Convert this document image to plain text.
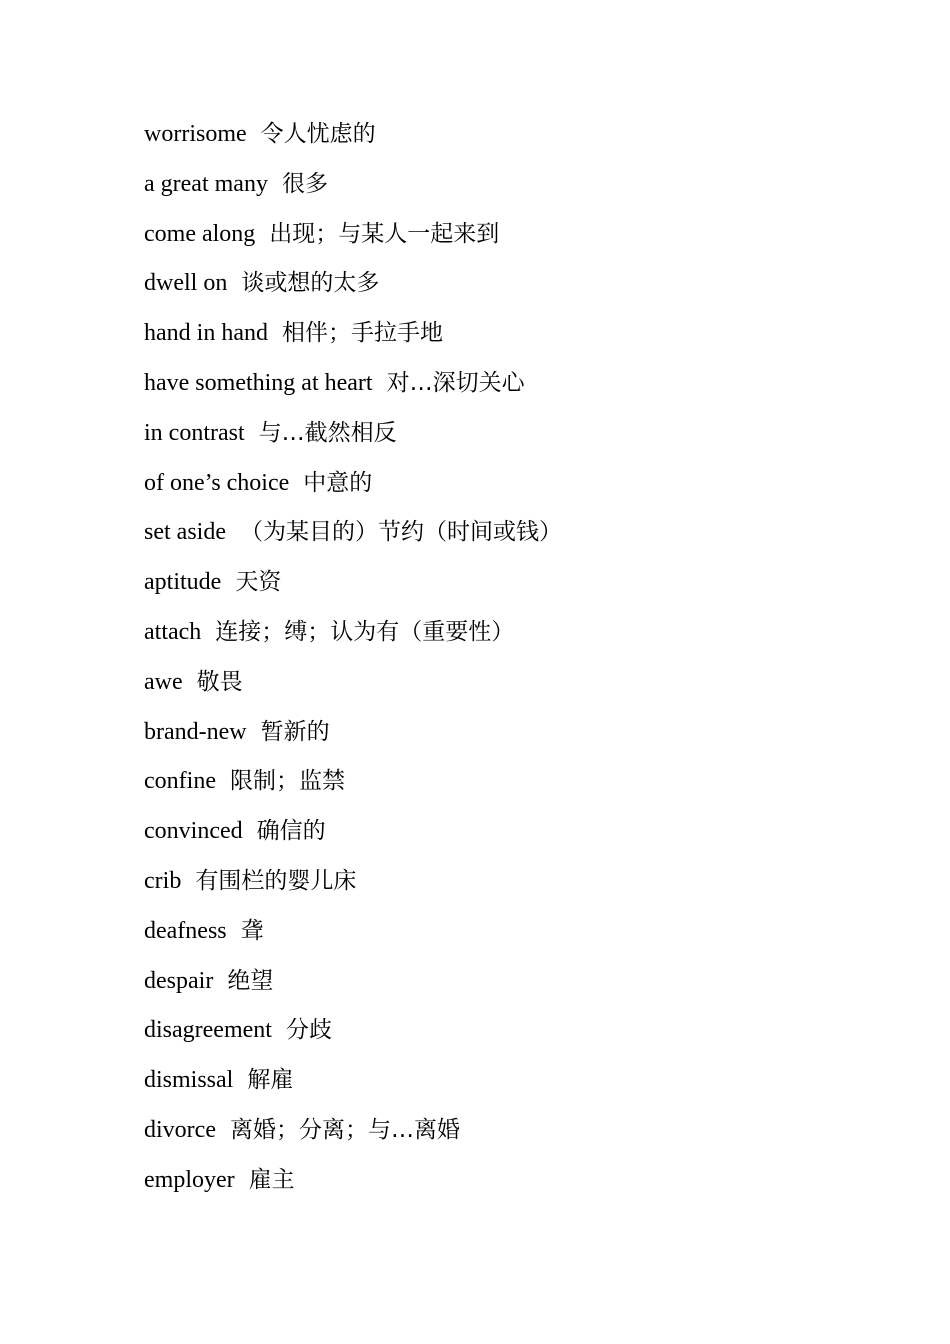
worrisome 令人忧虑的
a great many 很多
come along 出现；与某人一起来到
dwell on 谈或想的太多
hand in hand 相伴；手拉手地
have something at heart 对…深切关心
in contrast 与…截然相反
of one’s choice 中意的
set aside （为某目的）节约（时间或钱）
aptitude 天资
attach 连接；缚；认为有（重要性）
awe 敬畏
brand-new 暂新的
confine 限制；监禁
convinced 确信的
crib 有围栏的婴儿床
deafness 聋
despair 绝望
disagreement 分歧
dismissal 解雇
divorce 离婚；分离；与…离婚
employer 雇主
